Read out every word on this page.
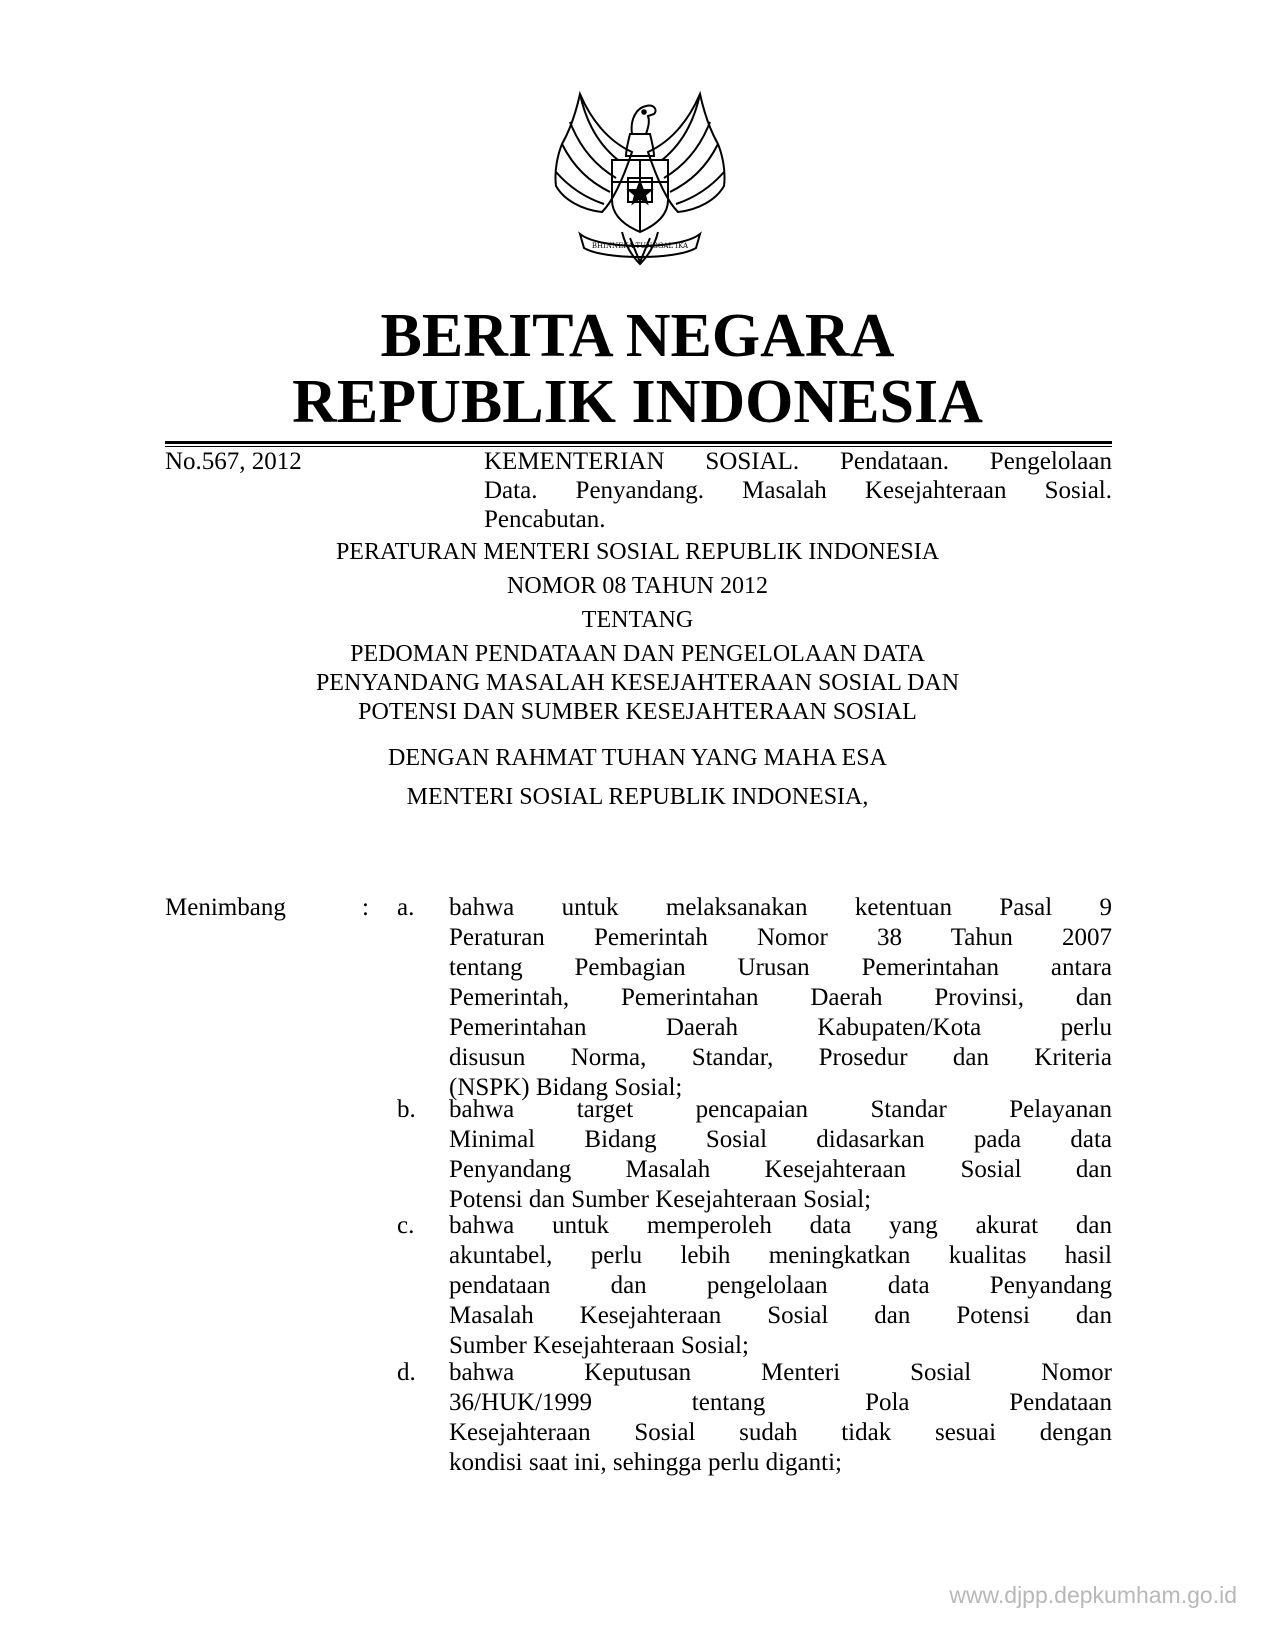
BHINNEKA TUNGGAL IKA
BERITA NEGARA
REPUBLIK INDONESIA
No.567, 2012	KEMENTERIAN SOSIAL. Pendataan. Pengelolaan
Data. Penyandang. Masalah Kesejahteraan Sosial.
Pencabutan.
PERATURAN MENTERI SOSIAL REPUBLIK INDONESIA
NOMOR 08 TAHUN 2012
TENTANG
PEDOMAN PENDATAAN DAN PENGELOLAAN DATA
PENYANDANG MASALAH KESEJAHTERAAN SOSIAL DAN
POTENSI DAN SUMBER KESEJAHTERAAN SOSIAL
DENGAN RAHMAT TUHAN YANG MAHA ESA
MENTERI SOSIAL REPUBLIK INDONESIA,
Menimbang	: a. bahwa untuk melaksanakan ketentuan Pasal 9
Peraturan Pemerintah Nomor 38 Tahun 2007
tentang Pembagian Urusan Pemerintahan antara
Pemerintah, Pemerintahan Daerah Provinsi, dan
Pemerintahan Daerah Kabupaten/Kota perlu
disusun Norma, Standar, Prosedur dan Kriteria
(NSPK) Bidang Sosial;
b. bahwa target pencapaian Standar Pelayanan
Minimal Bidang Sosial didasarkan pada data
Penyandang Masalah Kesejahteraan Sosial dan
Potensi dan Sumber Kesejahteraan Sosial;
c. bahwa untuk memperoleh data yang akurat dan
akuntabel, perlu lebih meningkatkan kualitas hasil
pendataan dan pengelolaan data Penyandang
Masalah Kesejahteraan Sosial dan Potensi dan
Sumber Kesejahteraan Sosial;
d. bahwa Keputusan Menteri Sosial Nomor
36/HUK/1999 tentang Pola Pendataan
Kesejahteraan Sosial sudah tidak sesuai dengan
kondisi saat ini, sehingga perlu diganti;
www.djpp.depkumham.go.id
